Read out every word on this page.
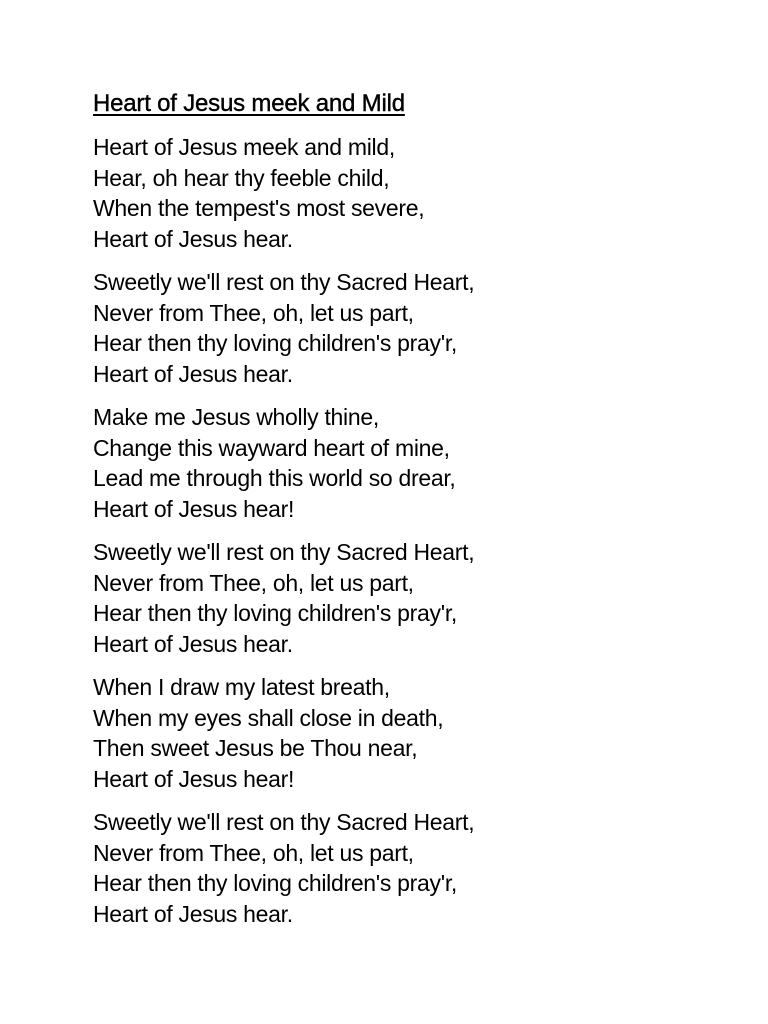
Heart of Jesus meek and Mild
Heart of Jesus meek and mild,
Hear, oh hear thy feeble child,
When the tempest's most severe,
Heart of Jesus hear.
Sweetly we'll rest on thy Sacred Heart,
Never from Thee, oh, let us part,
Hear then thy loving children's pray'r,
Heart of Jesus hear.
Make me Jesus wholly thine,
Change this wayward heart of mine,
Lead me through this world so drear,
Heart of Jesus hear!
Sweetly we'll rest on thy Sacred Heart,
Never from Thee, oh, let us part,
Hear then thy loving children's pray'r,
Heart of Jesus hear.
When I draw my latest breath,
When my eyes shall close in death,
Then sweet Jesus be Thou near,
Heart of Jesus hear!
Sweetly we'll rest on thy Sacred Heart,
Never from Thee, oh, let us part,
Hear then thy loving children's pray'r,
Heart of Jesus hear.
